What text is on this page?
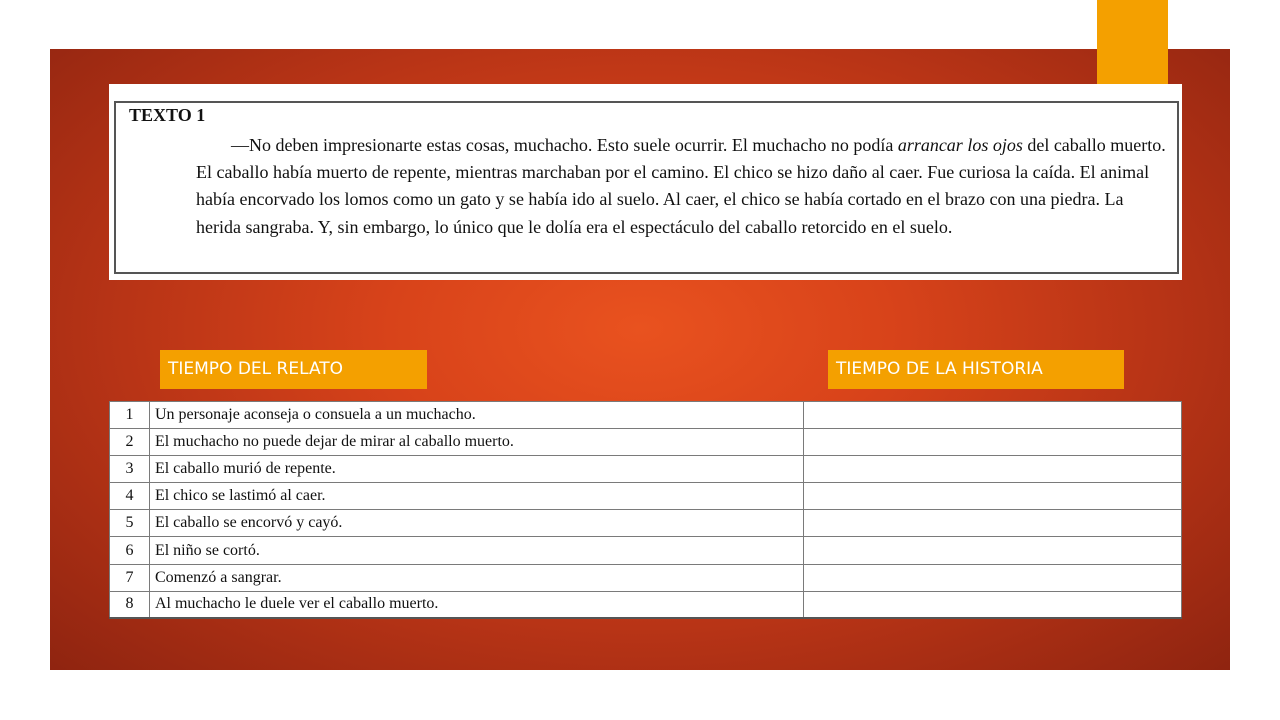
TEXTO 1
—No deben impresionarte estas cosas, muchacho. Esto suele ocurrir. El muchacho no podía arrancar los ojos del caballo muerto. El caballo había muerto de repente, mientras marchaban por el camino. El chico se hizo daño al caer. Fue curiosa la caída. El animal había encorvado los lomos como un gato y se había ido al suelo. Al caer, el chico se había cortado en el brazo con una piedra. La herida sangraba. Y, sin embargo, lo único que le dolía era el espectáculo del caballo retorcido en el suelo.
TIEMPO DEL RELATO	TIEMPO DE LA HISTORIA
1	Un personaje aconseja o consuela a un muchacho.	
2	El muchacho no puede dejar de mirar al caballo muerto.	
3	El caballo murió de repente.	
4	El chico se lastimó al caer.	
5	El caballo se encorvó y cayó.	
6	El niño se cortó.	
7	Comenzó a sangrar.	
8	Al muchacho le duele ver el caballo muerto.	
